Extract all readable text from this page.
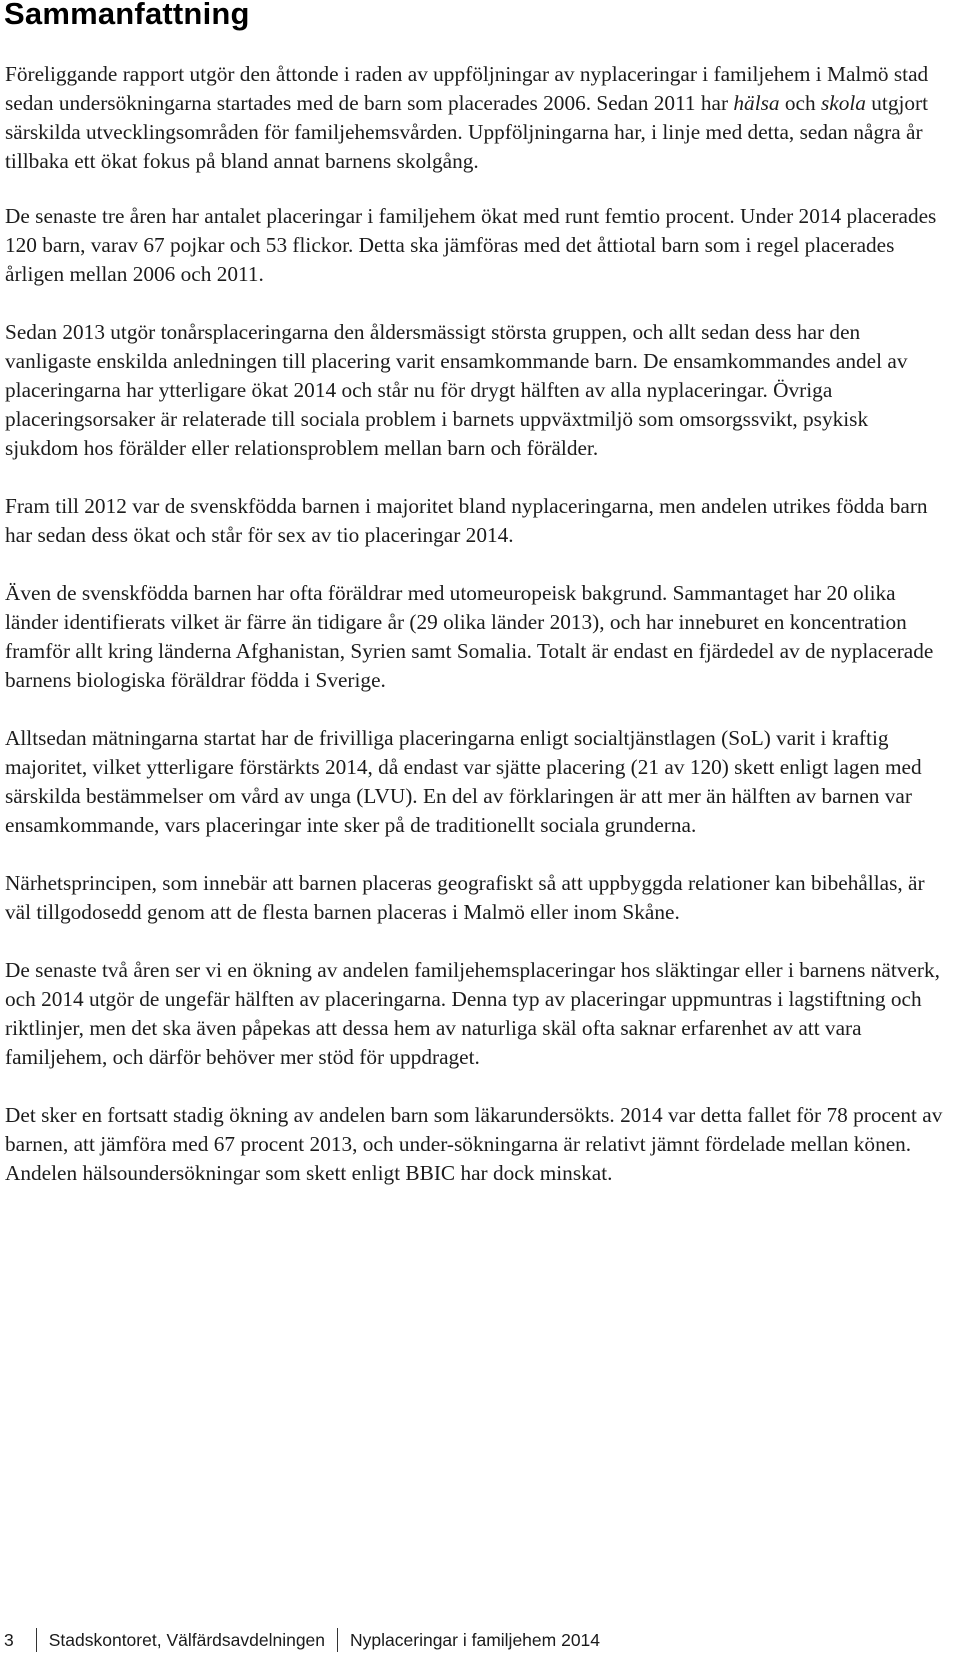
Sammanfattning

Föreliggande rapport utgör den åttonde i raden av uppföljningar av nyplaceringar i familjehem i Malmö stad sedan undersökningarna startades med de barn som placerades 2006. Sedan 2011 har hälsa och skola utgjort särskilda utvecklingsområden för familjehemsvården. Uppföljningarna har, i linje med detta, sedan några år tillbaka ett ökat fokus på bland annat barnens skolgång.

De senaste tre åren har antalet placeringar i familjehem ökat med runt femtio procent. Under 2014 placerades 120 barn, varav 67 pojkar och 53 flickor. Detta ska jämföras med det åttiotal barn som i regel placerades årligen mellan 2006 och 2011.

Sedan 2013 utgör tonårsplaceringarna den åldersmässigt största gruppen, och allt sedan dess har den vanligaste enskilda anledningen till placering varit ensamkommande barn. De ensamkommandes andel av placeringarna har ytterligare ökat 2014 och står nu för drygt hälften av alla nyplaceringar. Övriga placeringsorsaker är relaterade till sociala problem i barnets uppväxtmiljö som omsorgssvikt, psykisk sjukdom hos förälder eller relationsproblem mellan barn och förälder.

Fram till 2012 var de svenskfödda barnen i majoritet bland nyplaceringarna, men andelen utrikes födda barn har sedan dess ökat och står för sex av tio placeringar 2014.

Även de svenskfödda barnen har ofta föräldrar med utomeuropeisk bakgrund. Sammantaget har 20 olika länder identifierats vilket är färre än tidigare år (29 olika länder 2013), och har inneburet en koncentration framför allt kring länderna Afghanistan, Syrien samt Somalia. Totalt är endast en fjärdedel av de nyplacerade barnens biologiska föräldrar födda i Sverige.

Alltsedan mätningarna startat har de frivilliga placeringarna enligt socialtjänstlagen (SoL) varit i kraftig majoritet, vilket ytterligare förstärkts 2014, då endast var sjätte placering (21 av 120) skett enligt lagen med särskilda bestämmelser om vård av unga (LVU). En del av förklaringen är att mer än hälften av barnen var ensamkommande, vars placeringar inte sker på de traditionellt sociala grunderna.

Närhetsprincipen, som innebär att barnen placeras geografiskt så att uppbyggda relationer kan bibehållas, är väl tillgodosedd genom att de flesta barnen placeras i Malmö eller inom Skåne.

De senaste två åren ser vi en ökning av andelen familjehemsplaceringar hos släktingar eller i barnens nätverk, och 2014 utgör de ungefär hälften av placeringarna. Denna typ av placeringar uppmuntras i lagstiftning och riktlinjer, men det ska även påpekas att dessa hem av naturliga skäl ofta saknar erfarenhet av att vara familjehem, och därför behöver mer stöd för uppdraget.

Det sker en fortsatt stadig ökning av andelen barn som läkarundersökts. 2014 var detta fallet för 78 procent av barnen, att jämföra med 67 procent 2013, och under-sökningarna är relativt jämnt fördelade mellan könen. Andelen hälsoundersökningar som skett enligt BBIC har dock minskat.

3 Stadskontoret, Välfärdsavdelningen Nyplaceringar i familjehem 2014
